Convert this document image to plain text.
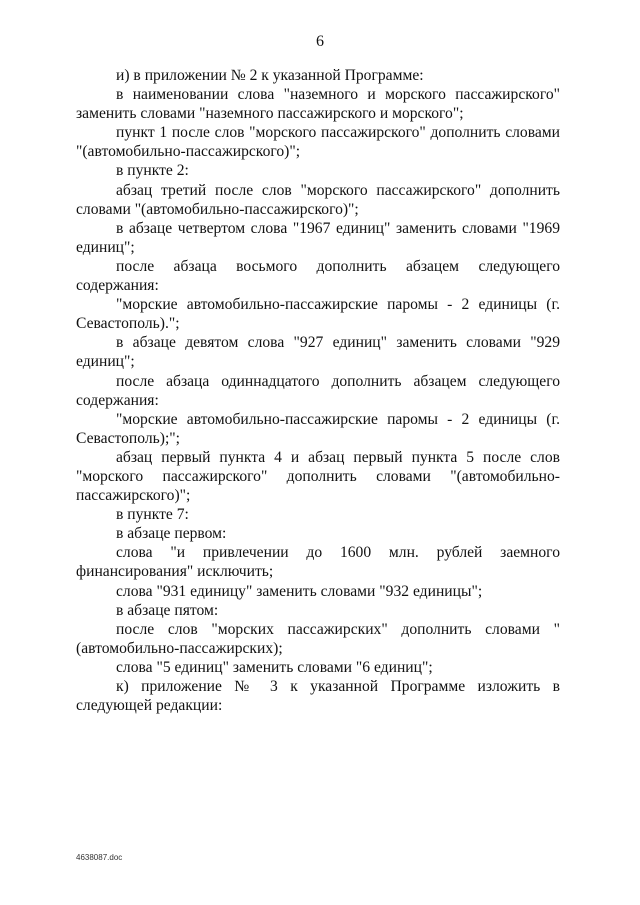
6

и) в приложении № 2 к указанной Программе:

в наименовании слова "наземного и морского пассажирского" заменить словами "наземного пассажирского и морского";

пункт 1 после слов "морского пассажирского" дополнить словами "(автомобильно-пассажирского)";

в пункте 2:

абзац третий после слов "морского пассажирского" дополнить словами "(автомобильно-пассажирского)";

в абзаце четвертом слова "1967 единиц" заменить словами "1969 единиц";

после абзаца восьмого дополнить абзацем следующего содержания:

"морские автомобильно-пассажирские паромы - 2 единицы (г. Севастополь).";

в абзаце девятом слова "927 единиц" заменить словами "929 единиц";

после абзаца одиннадцатого дополнить абзацем следующего содержания:

"морские автомобильно-пассажирские паромы - 2 единицы (г. Севастополь);";

абзац первый пункта 4 и абзац первый пункта 5 после слов "морского пассажирского" дополнить словами "(автомобильно-пассажирского)";

в пункте 7:

в абзаце первом:

слова "и привлечении до 1600 млн. рублей заемного финансирования" исключить;

слова "931 единицу" заменить словами "932 единицы";

в абзаце пятом:

после слов "морских пассажирских" дополнить словами "(автомобильно-пассажирских);

слова "5 единиц" заменить словами "6 единиц";

к) приложение № 3 к указанной Программе изложить в следующей редакции:

4638087.doc
